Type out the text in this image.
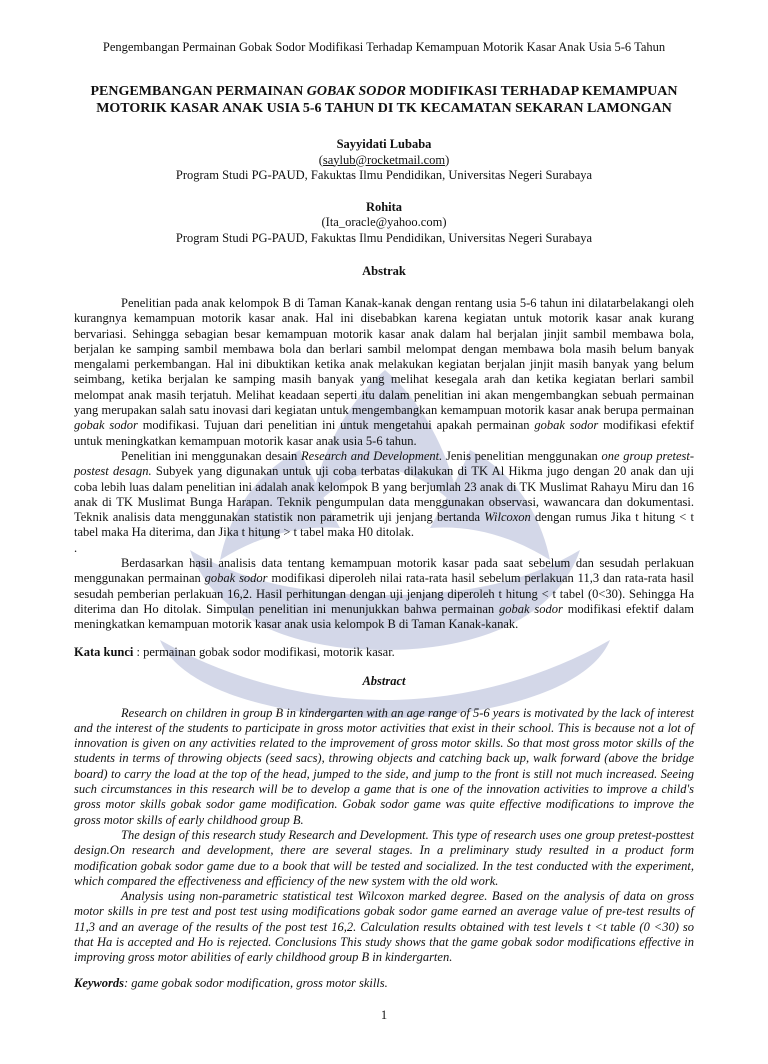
Pengembangan Permainan Gobak Sodor Modifikasi Terhadap Kemampuan Motorik Kasar Anak Usia 5-6 Tahun
PENGEMBANGAN PERMAINAN GOBAK SODOR MODIFIKASI TERHADAP KEMAMPUAN
MOTORIK KASAR ANAK USIA 5-6 TAHUN DI TK KECAMATAN SEKARAN LAMONGAN
Sayyidati Lubaba
(saylub@rocketmail.com)
Program Studi PG-PAUD, Fakuktas Ilmu Pendidikan, Universitas Negeri Surabaya
Rohita
(Ita_oracle@yahoo.com)
Program Studi PG-PAUD, Fakuktas Ilmu Pendidikan, Universitas Negeri Surabaya
Abstrak

Penelitian pada anak kelompok B di Taman Kanak-kanak dengan rentang usia 5-6 tahun ini dilatarbelakangi oleh kurangnya kemampuan motorik kasar anak. Hal ini disebabkan karena kegiatan untuk motorik kasar anak kurang bervariasi. Sehingga sebagian besar kemampuan motorik kasar anak dalam hal berjalan jinjit sambil membawa bola, berjalan ke samping sambil membawa bola dan berlari sambil melompat dengan membawa bola masih belum banyak mengalami perkembangan. Hal ini dibuktikan ketika anak melakukan kegiatan berjalan jinjit masih banyak yang belum seimbang, ketika berjalan ke samping masih banyak yang melihat kesegala arah dan ketika kegiatan berlari sambil melompat anak masih terjatuh. Melihat keadaan seperti itu dalam penelitian ini akan mengembangkan sebuah permainan yang merupakan salah satu inovasi dari kegiatan untuk mengembangkan kemampuan motorik kasar anak berupa permainan gobak sodor modifikasi. Tujuan dari penelitian ini untuk mengetahui apakah permainan gobak sodor modifikasi efektif untuk meningkatkan kemampuan motorik kasar anak usia 5-6 tahun.

Penelitian ini menggunakan desain Research and Development. Jenis penelitian menggunakan one group pretest-postest desagn. Subyek yang digunakan untuk uji coba terbatas dilakukan di TK Al Hikma jugo dengan 20 anak dan uji coba lebih luas dalam penelitian ini adalah anak kelompok B yang berjumlah 23 anak di TK Muslimat Rahayu Miru dan 16 anak di TK Muslimat Bunga Harapan. Teknik pengumpulan data menggunakan observasi, wawancara dan dokumentasi. Teknik analisis data menggunakan statistik non parametrik uji jenjang bertanda Wilcoxon dengan rumus Jika t hitung < t tabel maka Ha diterima, dan Jika t hitung > t tabel maka H0 ditolak.

.

Berdasarkan hasil analisis data tentang kemampuan motorik kasar pada saat sebelum dan sesudah perlakuan menggunakan permainan gobak sodor modifikasi diperoleh nilai rata-rata hasil sebelum perlakuan 11,3 dan rata-rata hasil sesudah pemberian perlakuan 16,2. Hasil perhitungan dengan uji jenjang diperoleh t hitung < t tabel (0<30). Sehingga Ha diterima dan Ho ditolak. Simpulan penelitian ini menunjukkan bahwa permainan gobak sodor modifikasi efektif dalam meningkatkan kemampuan motorik kasar anak usia kelompok B di Taman Kanak-kanak.

Kata kunci : permainan gobak sodor modifikasi, motorik kasar.
Abstract

Research on children in group B in kindergarten with an age range of 5-6 years is motivated by the lack of interest and the interest of the students to participate in gross motor activities that exist in their school. This is because not a lot of innovation is given on any activities related to the improvement of gross motor skills. So that most gross motor skills of the students in terms of throwing objects (seed sacs), throwing objects and catching back up, walk forward (above the bridge board) to carry the load at the top of the head, jumped to the side, and jump to the front is still not much increased. Seeing such circumstances in this research will be to develop a game that is one of the innovation activities to improve a child's gross motor skills gobak sodor game modification. Gobak sodor game was quite effective modifications to improve the gross motor skills of early childhood group B.

The design of this research study Research and Development. This type of research uses one group pretest-posttest design.On research and development, there are several stages. In a preliminary study resulted in a product form modification gobak sodor game due to a book that will be tested and socialized. In the test conducted with the experiment, which compared the effectiveness and efficiency of the new system with the old work.

Analysis using non-parametric statistical test Wilcoxon marked degree. Based on the analysis of data on gross motor skills in pre test and post test using modifications gobak sodor game earned an average value of pre-test results of 11,3 and an average of the results of the post test 16,2. Calculation results obtained with test levels t <t table (0 <30) so that Ha is accepted and Ho is rejected. Conclusions This study shows that the game gobak sodor modifications effective in improving gross motor abilities of early childhood group B in kindergarten.

Keywords: game gobak sodor modification, gross motor skills.
1
